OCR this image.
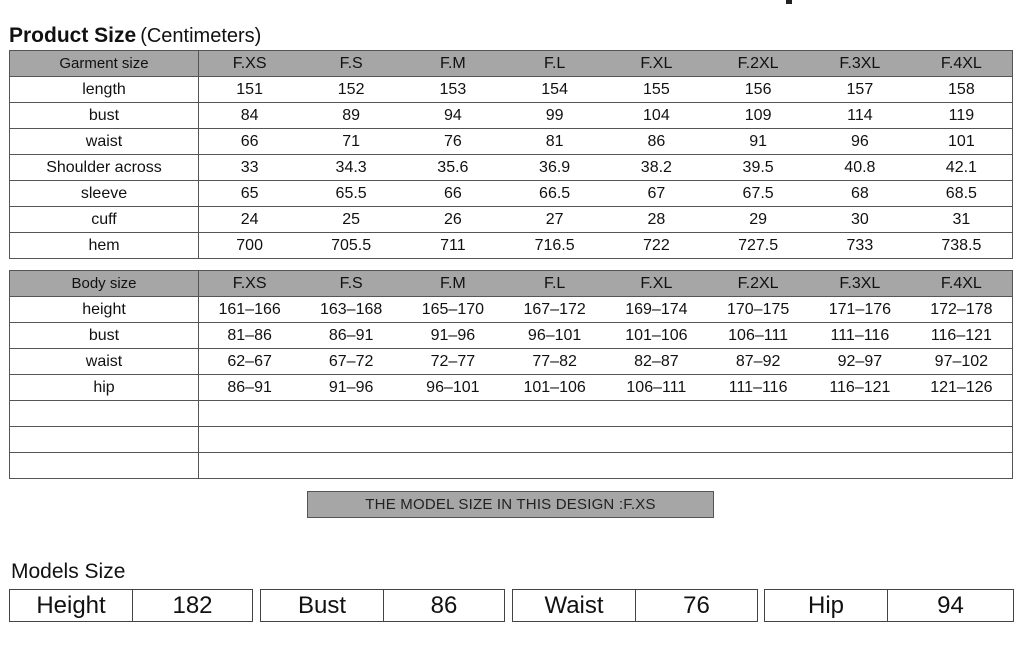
Product Size (Centimeters)
Garment size	F.XS	F.S	F.M	F.L	F.XL	F.2XL	F.3XL	F.4XL
length	151	152	153	154	155	156	157	158
bust	84	89	94	99	104	109	114	119
waist	66	71	76	81	86	91	96	101
Shoulder across	33	34.3	35.6	36.9	38.2	39.5	40.8	42.1
sleeve	65	65.5	66	66.5	67	67.5	68	68.5
cuff	24	25	26	27	28	29	30	31
hem	700	705.5	711	716.5	722	727.5	733	738.5
Body size	F.XS	F.S	F.M	F.L	F.XL	F.2XL	F.3XL	F.4XL
height	161–166	163–168	165–170	167–172	169–174	170–175	171–176	172–178
bust	81–86	86–91	91–96	96–101	101–106	106–111	111–116	116–121
waist	62–67	67–72	72–77	77–82	82–87	87–92	92–97	97–102
hip	86–91	91–96	96–101	101–106	106–111	111–116	116–121	121–126

THE MODEL SIZE IN THIS DESIGN :F.XS
Models Size
Height	182	Bust	86	Waist	76	Hip	94
